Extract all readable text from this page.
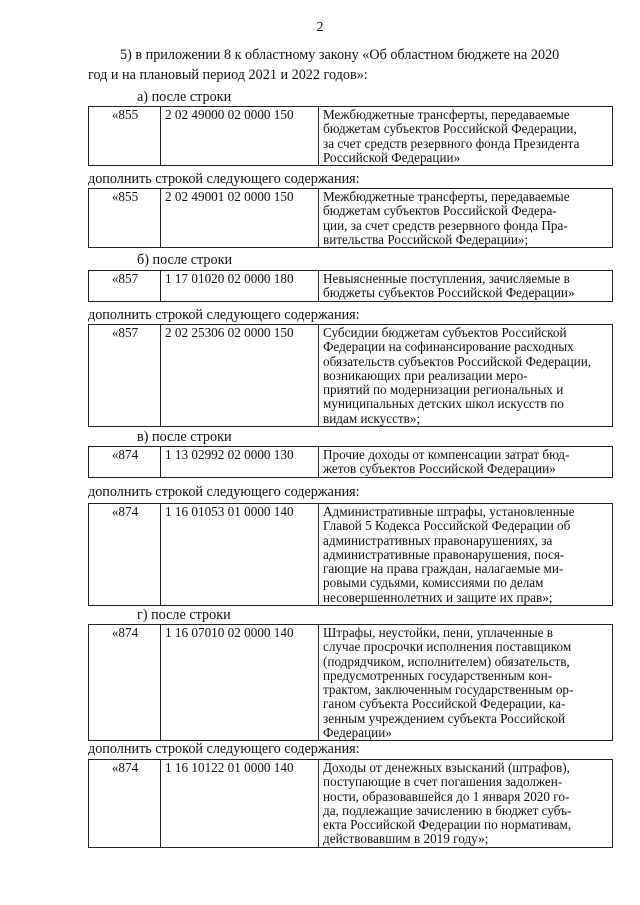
2
5) в приложении 8 к областному закону «Об областном бюджете на 2020
год и на плановый период 2021 и 2022 годов»:
а) после строки
«855	2 02 49000 02 0000 150	Межбюджетные трансферты, передаваемые
бюджетам субъектов Российской Федерации,
за счет средств резервного фонда Президента
Российской Федерации»
дополнить строкой следующего содержания:
«855	2 02 49001 02 0000 150	Межбюджетные трансферты, передаваемые
бюджетам субъектов Российской Федера-
ции, за счет средств резервного фонда Пра-
вительства Российской Федерации»;
б) после строки
«857	1 17 01020 02 0000 180	Невыясненные поступления, зачисляемые в
бюджеты субъектов Российской Федерации»
дополнить строкой следующего содержания:
«857	2 02 25306 02 0000 150	Субсидии бюджетам субъектов Российской
Федерации на софинансирование расходных
обязательств субъектов Российской Федерации,
возникающих при реализации меро-
приятий по модернизации региональных и
муниципальных детских школ искусств по
видам искусств»;
в) после строки
«874	1 13 02992 02 0000 130	Прочие доходы от компенсации затрат бюд-
жетов субъектов Российской Федерации»
дополнить строкой следующего содержания:
«874	1 16 01053 01 0000 140	Административные штрафы, установленные
Главой 5 Кодекса Российской Федерации об
административных правонарушениях, за
административные правонарушения, пося-
гающие на права граждан, налагаемые ми-
ровыми судьями, комиссиями по делам
несовершеннолетних и защите их прав»;
г) после строки
«874	1 16 07010 02 0000 140	Штрафы, неустойки, пени, уплаченные в
случае просрочки исполнения поставщиком
(подрядчиком, исполнителем) обязательств,
предусмотренных государственным кон-
трактом, заключенным государственным ор-
ганом субъекта Российской Федерации, ка-
зенным учреждением субъекта Российской
Федерации»
дополнить строкой следующего содержания:
«874	1 16 10122 01 0000 140	Доходы от денежных взысканий (штрафов),
поступающие в счет погашения задолжен-
ности, образовавшейся до 1 января 2020 го-
да, подлежащие зачислению в бюджет субъ-
екта Российской Федерации по нормативам,
действовавшим в 2019 году»;
